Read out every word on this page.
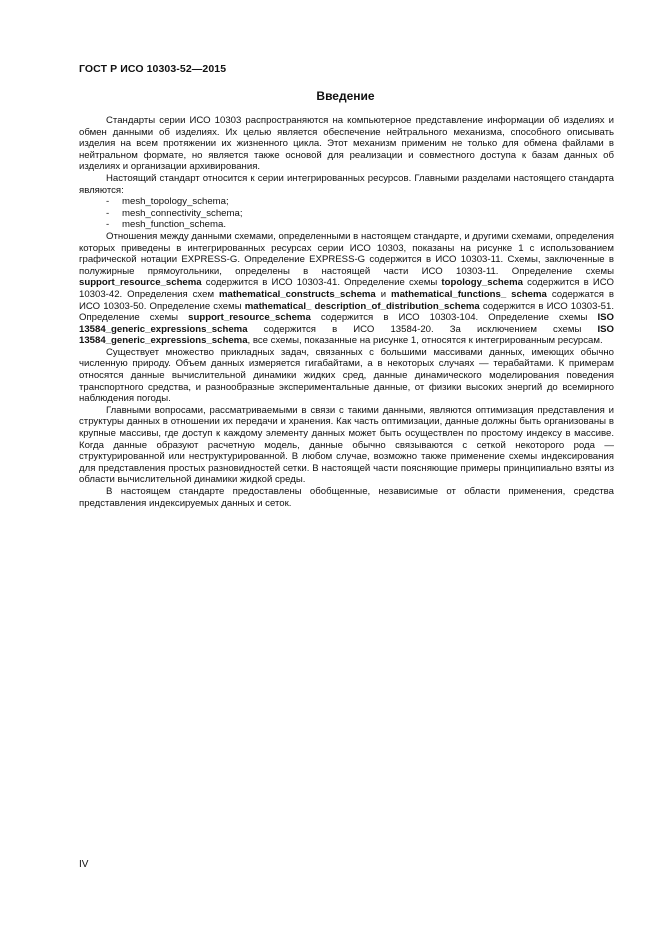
ГОСТ Р ИСО 10303-52—2015
Введение

Стандарты серии ИСО 10303 распространяются на компьютерное представление информации об изделиях и обмен данными об изделиях. Их целью является обеспечение нейтрального механизма, способного описывать изделия на всем протяжении их жизненного цикла. Этот механизм применим не только для обмена файлами в нейтральном формате, но является также основой для реализации и совместного доступа к базам данных об изделиях и организации архивирования.

Настоящий стандарт относится к серии интегрированных ресурсов. Главными разделами настоящего стандарта являются:

- mesh_topology_schema;
- mesh_connectivity_schema;
- mesh_function_schema.

Отношения между данными схемами, определенными в настоящем стандарте, и другими схемами, определения которых приведены в интегрированных ресурсах серии ИСО 10303, показаны на рисунке 1 с использованием графической нотации EXPRESS-G. Определение EXPRESS-G содержится в ИСО 10303-11. Схемы, заключенные в полужирные прямоугольники, определены в настоящей части ИСО 10303-11. Определение схемы support_resource_schema содержится в ИСО 10303-41. Определение схемы topology_schema содержится в ИСО 10303-42. Определения схем mathematical_constructs_schema и mathematical_functions_ schema содержатся в ИСО 10303-50. Определение схемы mathematical_ description_of_distribution_schema содержится в ИСО 10303-51. Определение схемы support_resource_schema содержится в ИСО 10303-104. Определение схемы ISO 13584_generic_expressions_schema содержится в ИСО 13584-20. За исключением схемы ISO 13584_generic_expressions_schema, все схемы, показанные на рисунке 1, относятся к интегрированным ресурсам.

Существует множество прикладных задач, связанных с большими массивами данных, имеющих обычно численную природу. Объем данных измеряется гигабайтами, а в некоторых случаях — терабайтами. К примерам относятся данные вычислительной динамики жидких сред, данные динамического моделирования поведения транспортного средства, и разнообразные экспериментальные данные, от физики высоких энергий до всемирного наблюдения погоды.

Главными вопросами, рассматриваемыми в связи с такими данными, являются оптимизация представления и структуры данных в отношении их передачи и хранения. Как часть оптимизации, данные должны быть организованы в крупные массивы, где доступ к каждому элементу данных может быть осуществлен по простому индексу в массиве. Когда данные образуют расчетную модель, данные обычно связываются с сеткой некоторого рода — структурированной или неструктурированной. В любом случае, возможно также применение схемы индексирования для представления простых разновидностей сетки. В настоящей части поясняющие примеры принципиально взяты из области вычислительной динамики жидкой среды.

В настоящем стандарте предоставлены обобщенные, независимые от области применения, средства представления индексируемых данных и сеток.

IV
